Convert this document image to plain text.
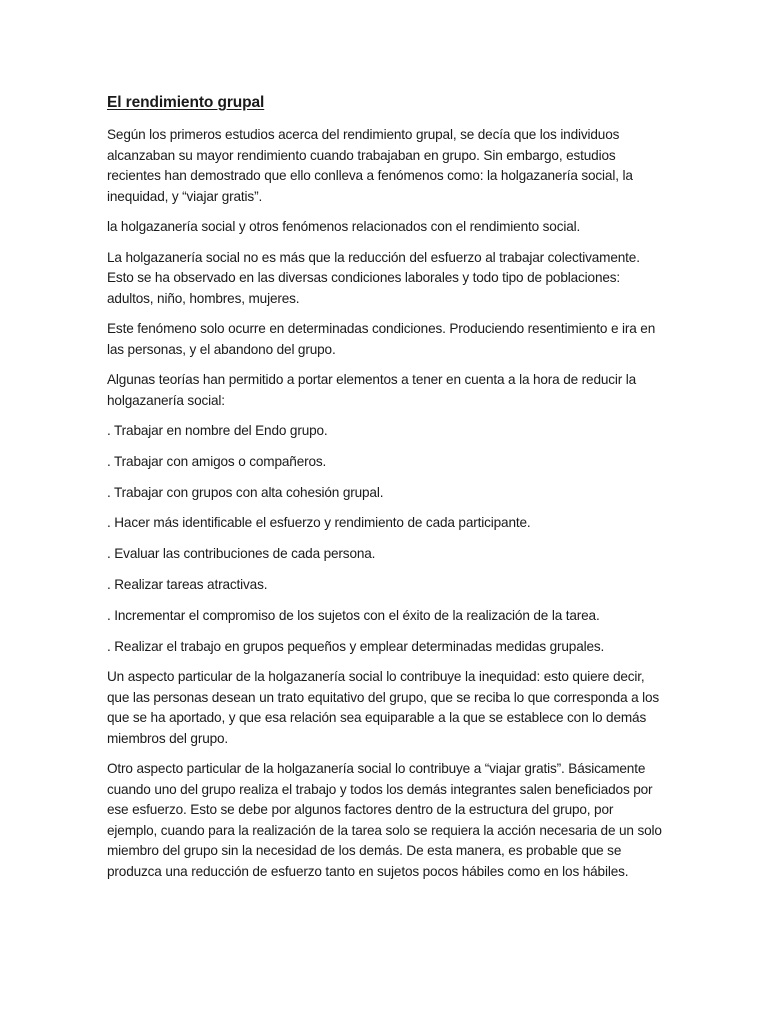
El rendimiento grupal

Según los primeros estudios acerca del rendimiento grupal, se decía que los individuos alcanzaban su mayor rendimiento cuando trabajaban en grupo. Sin embargo, estudios recientes han demostrado que ello conlleva a fenómenos como: la holgazanería social, la inequidad, y “viajar gratis”.

la holgazanería social y otros fenómenos relacionados con el rendimiento social.

La holgazanería social no es más que la reducción del esfuerzo al trabajar colectivamente. Esto se ha observado en las diversas condiciones laborales y todo tipo de poblaciones: adultos, niño, hombres, mujeres.

Este fenómeno solo ocurre en determinadas condiciones. Produciendo resentimiento e ira en las personas, y el abandono del grupo.

Algunas teorías han permitido a portar elementos a tener en cuenta a la hora de reducir la holgazanería social:

. Trabajar en nombre del Endo grupo.

. Trabajar con amigos o compañeros.

. Trabajar con grupos con alta cohesión grupal.

. Hacer más identificable el esfuerzo y rendimiento de cada participante.

. Evaluar las contribuciones de cada persona.

. Realizar tareas atractivas.

. Incrementar el compromiso de los sujetos con el éxito de la realización de la tarea.

. Realizar el trabajo en grupos pequeños y emplear determinadas medidas grupales.

Un aspecto particular de la holgazanería social lo contribuye la inequidad: esto quiere decir, que las personas desean un trato equitativo del grupo, que se reciba lo que corresponda a los que se ha aportado, y que esa relación sea equiparable a la que se establece con lo demás miembros del grupo.

Otro aspecto particular de la holgazanería social lo contribuye a “viajar gratis”. Básicamente cuando uno del grupo realiza el trabajo y todos los demás integrantes salen beneficiados por ese esfuerzo. Esto se debe por algunos factores dentro de la estructura del grupo, por ejemplo, cuando para la realización de la tarea solo se requiera la acción necesaria de un solo miembro del grupo sin la necesidad de los demás. De esta manera, es probable que se produzca una reducción de esfuerzo tanto en sujetos pocos hábiles como en los hábiles.
